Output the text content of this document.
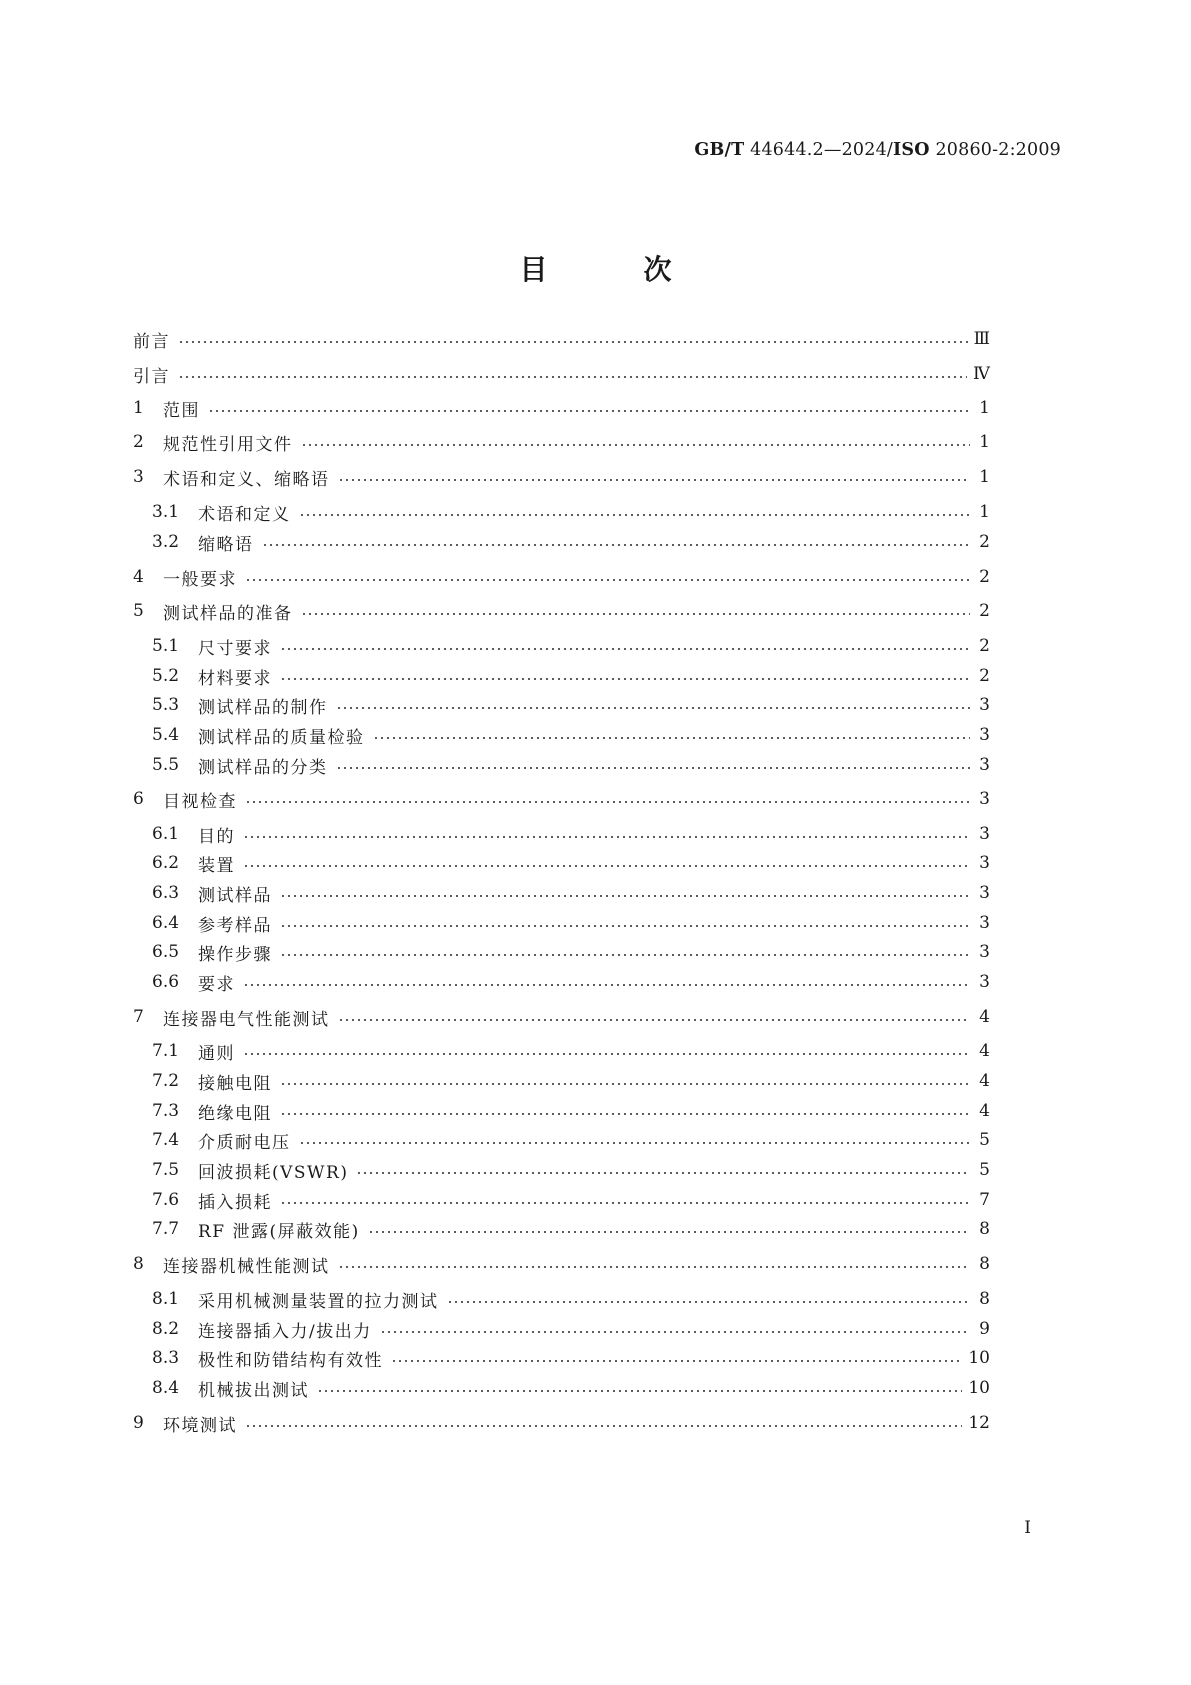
GB/T 44644.2—2024/ISO 20860-2:2009
目	次
前言	Ⅲ
引言	Ⅳ
1	范围	1
2	规范性引用文件	1
3	术语和定义、缩略语	1
3.1	术语和定义	1
3.2	缩略语	2
4	一般要求	2
5	测试样品的准备	2
5.1	尺寸要求	2
5.2	材料要求	2
5.3	测试样品的制作	3
5.4	测试样品的质量检验	3
5.5	测试样品的分类	3
6	目视检查	3
6.1	目的	3
6.2	装置	3
6.3	测试样品	3
6.4	参考样品	3
6.5	操作步骤	3
6.6	要求	3
7	连接器电气性能测试	4
7.1	通则	4
7.2	接触电阻	4
7.3	绝缘电阻	4
7.4	介质耐电压	5
7.5	回波损耗(VSWR)	5
7.6	插入损耗	7
7.7	RF 泄露(屏蔽效能)	8
8	连接器机械性能测试	8
8.1	采用机械测量装置的拉力测试	8
8.2	连接器插入力/拔出力	9
8.3	极性和防错结构有效性	10
8.4	机械拔出测试	10
9	环境测试	12
I
